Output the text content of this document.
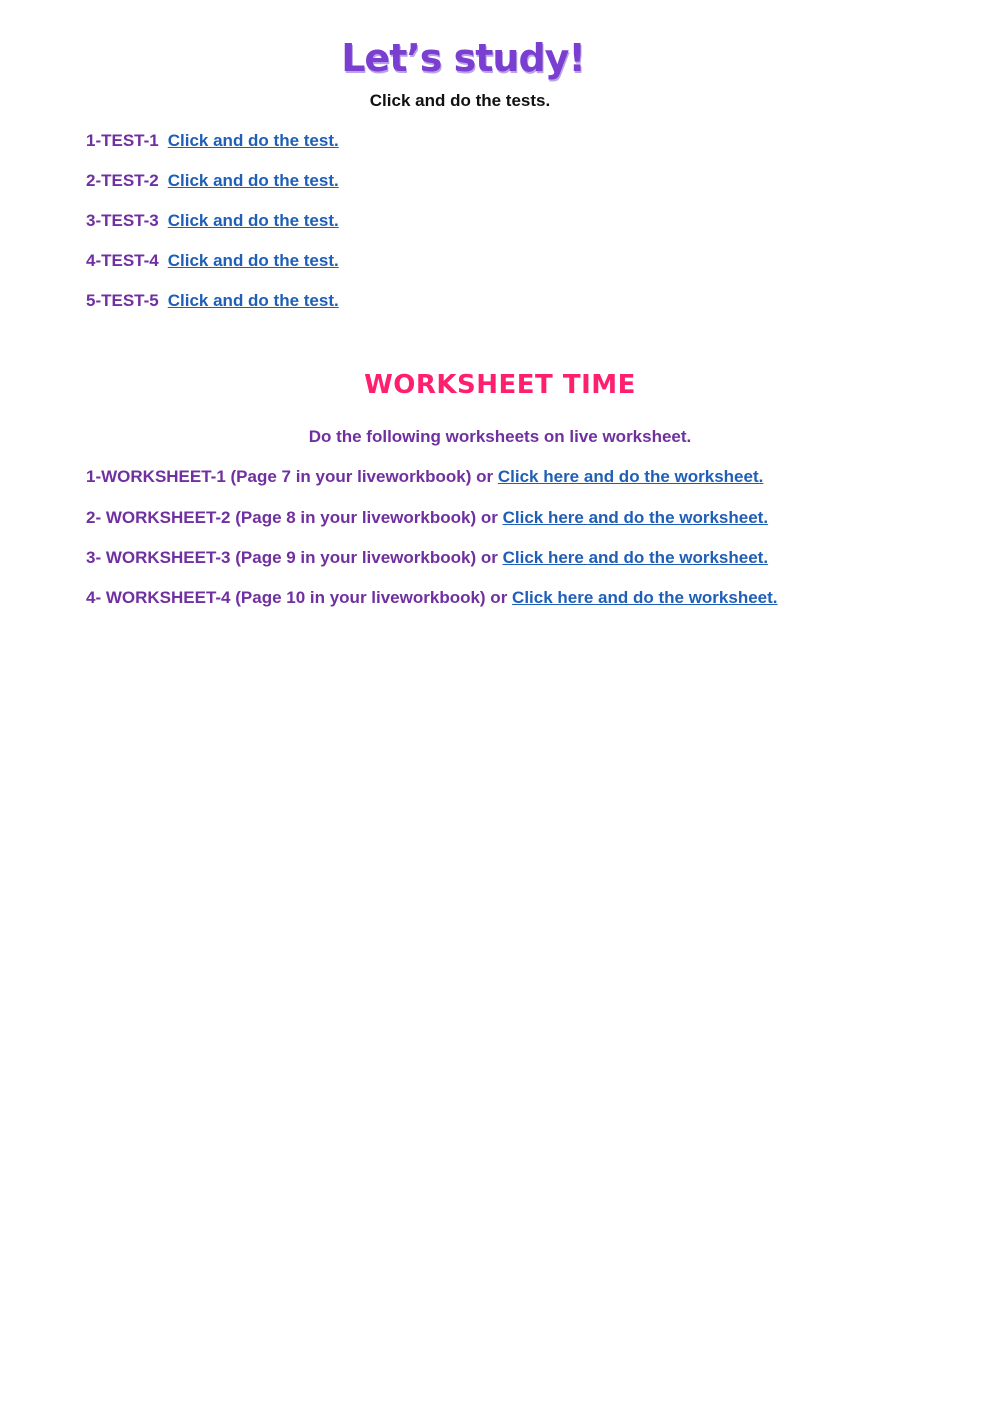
Let’s study!
Click and do the tests.
1-TEST-1 Click and do the test.
2-TEST-2 Click and do the test.
3-TEST-3 Click and do the test.
4-TEST-4 Click and do the test.
5-TEST-5 Click and do the test.
WORKSHEET TIME
Do the following worksheets on live worksheet.
1-WORKSHEET-1 (Page 7 in your liveworkbook) or Click here and do the worksheet.
2- WORKSHEET-2 (Page 8 in your liveworkbook) or Click here and do the worksheet.
3- WORKSHEET-3 (Page 9 in your liveworkbook) or Click here and do the worksheet.
4- WORKSHEET-4 (Page 10 in your liveworkbook) or Click here and do the worksheet.
